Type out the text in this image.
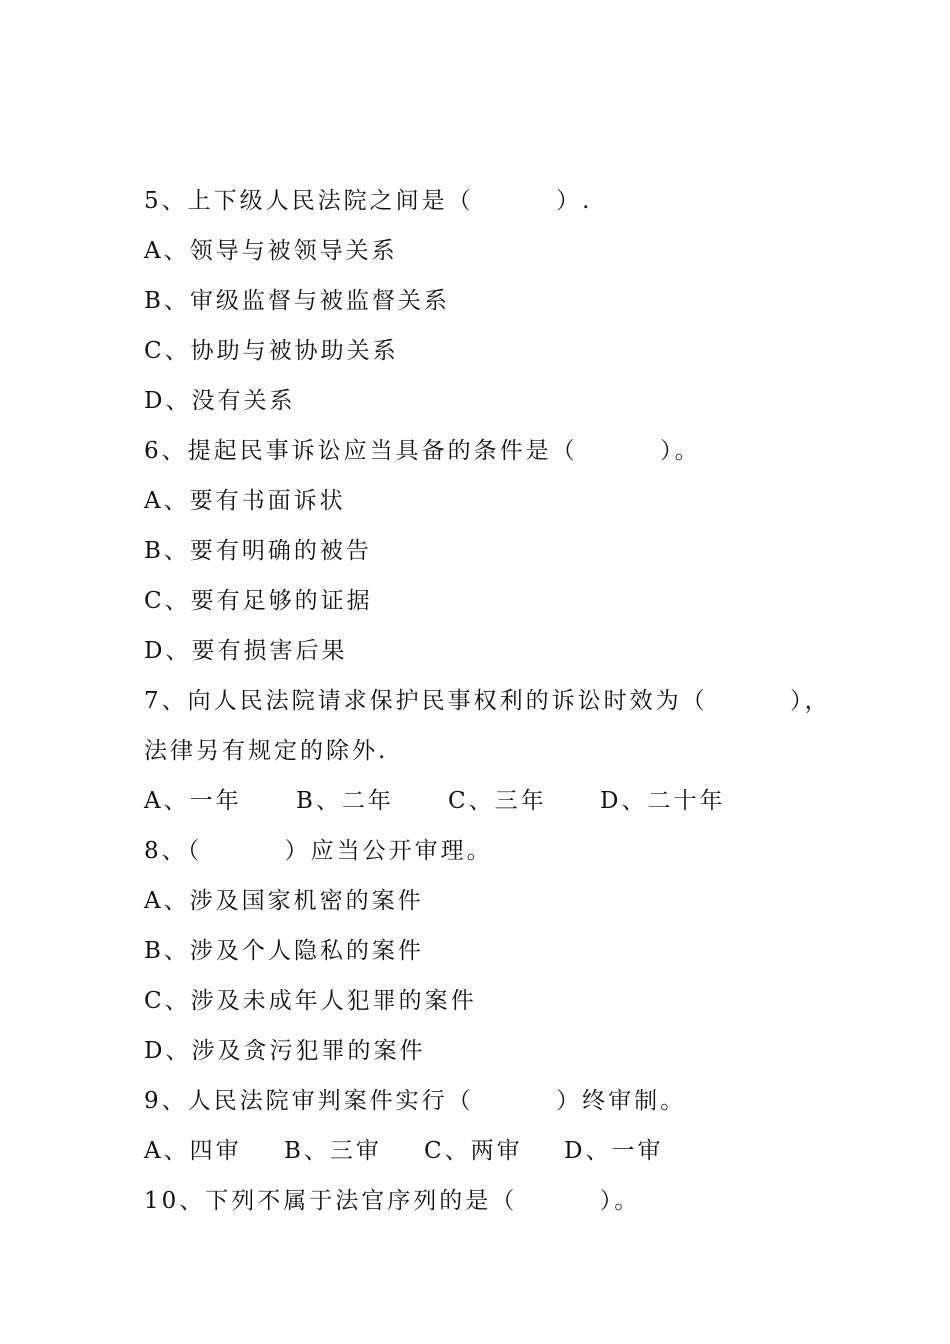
5、上下级人民法院之间是（        ）.
A、领导与被领导关系
B、审级监督与被监督关系
C、协助与被协助关系
D、没有关系
6、提起民事诉讼应当具备的条件是（        ）。
A、要有书面诉状
B、要有明确的被告
C、要有足够的证据
D、要有损害后果
7、向人民法院请求保护民事权利的诉讼时效为（        ），
法律另有规定的除外.
A、一年	B、二年	C、三年	D、二十年
8、（        ）应当公开审理。
A、涉及国家机密的案件
B、涉及个人隐私的案件
C、涉及未成年人犯罪的案件
D、涉及贪污犯罪的案件
9、人民法院审判案件实行（        ）终审制。
A、四审	B、三审	C、两审	D、一审
10、下列不属于法官序列的是（        ）。
